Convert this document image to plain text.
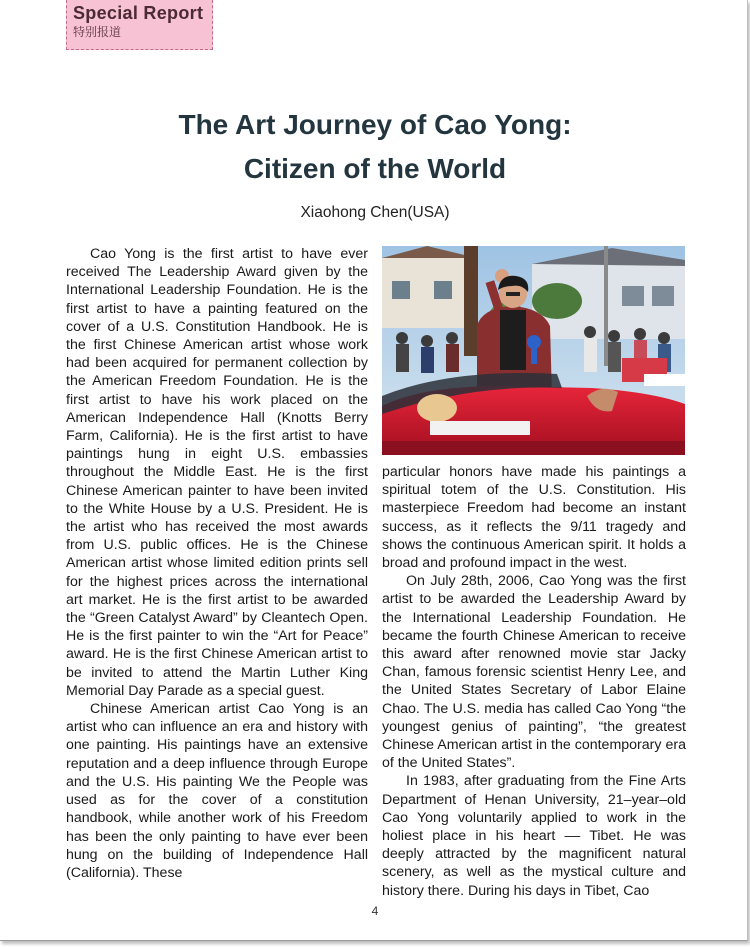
Special Report
特别报道
The Art Journey of Cao Yong:
Citizen of the World
Xiaohong Chen(USA)

Cao Yong is the first artist to have ever received The Leadership Award given by the International Leadership Foundation. He is the first artist to have a painting featured on the cover of a U.S. Constitution Handbook. He is the first Chinese American artist whose work had been acquired for permanent collection by the American Freedom Foundation. He is the first artist to have his work placed on the American Independence Hall (Knotts Berry Farm, California). He is the first artist to have paintings hung in eight U.S. embassies throughout the Middle East. He is the first Chinese American painter to have been invited to the White House by a U.S. President. He is the artist who has received the most awards from U.S. public offices. He is the Chinese American artist whose limited edition prints sell for the highest prices across the international art market. He is the first artist to be awarded the “Green Catalyst Award” by Cleantech Open. He is the first painter to win the “Art for Peace” award. He is the first Chinese American artist to be invited to attend the Martin Luther King Memorial Day Parade as a special guest.

Chinese American artist Cao Yong is an artist who can influence an era and history with one painting. His paintings have an extensive reputation and a deep influence through Europe and the U.S. His painting We the People was used as for the cover of a constitution handbook, while another work of his Freedom has been the only painting to have ever been hung on the building of Independence Hall (California). These

particular honors have made his paintings a spiritual totem of the U.S. Constitution. His masterpiece Freedom had become an instant success, as it reflects the 9/11 tragedy and shows the continuous American spirit. It holds a broad and profound impact in the west.

On July 28th, 2006, Cao Yong was the first artist to be awarded the Leadership Award by the International Leadership Foundation. He became the fourth Chinese American to receive this award after renowned movie star Jacky Chan, famous forensic scientist Henry Lee, and the United States Secretary of Labor Elaine Chao. The U.S. media has called Cao Yong “the youngest genius of painting”, “the greatest Chinese American artist in the contemporary era of the United States”.

In 1983, after graduating from the Fine Arts Department of Henan University, 21–year–old Cao Yong voluntarily applied to work in the holiest place in his heart –– Tibet. He was deeply attracted by the magnificent natural scenery, as well as the mystical culture and history there. During his days in Tibet, Cao

4
